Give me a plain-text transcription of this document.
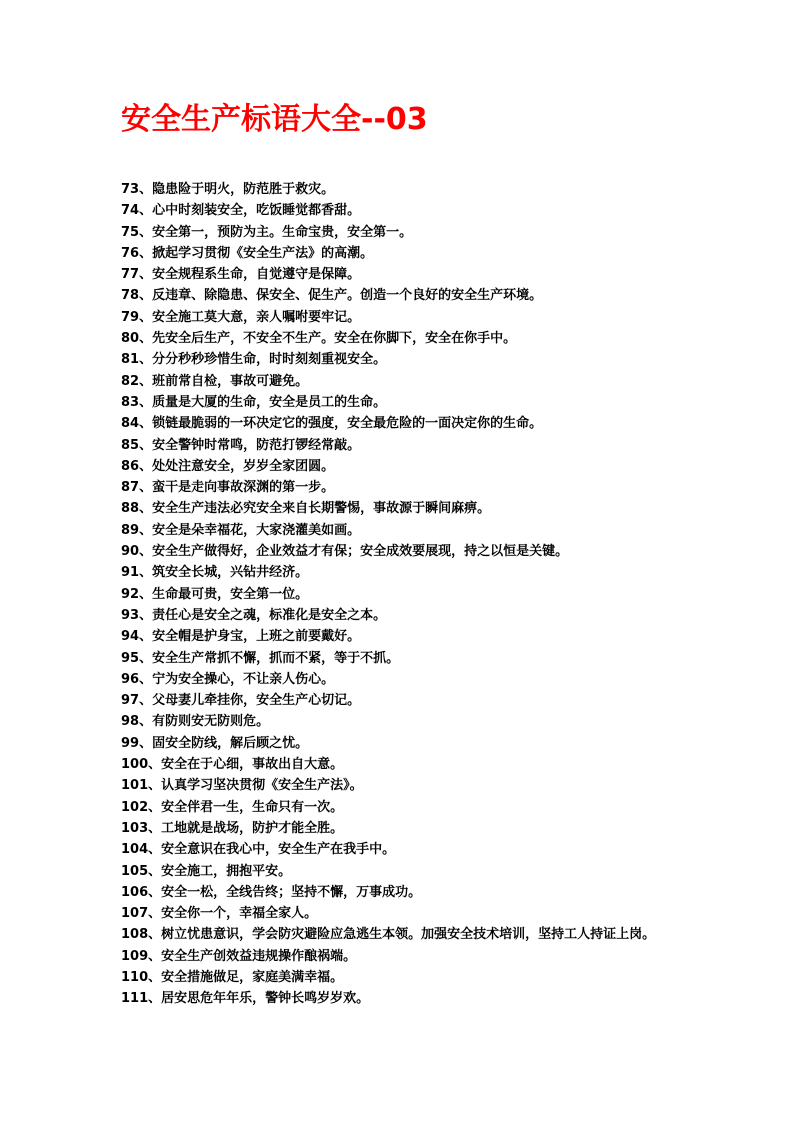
安全生产标语大全--03
73、隐患险于明火，防范胜于救灾。
74、心中时刻装安全，吃饭睡觉都香甜。
75、安全第一，预防为主。生命宝贵，安全第一。
76、掀起学习贯彻《安全生产法》的高潮。
77、安全规程系生命，自觉遵守是保障。
78、反违章、除隐患、保安全、促生产。创造一个良好的安全生产环境。
79、安全施工莫大意，亲人嘱咐要牢记。
80、先安全后生产，不安全不生产。安全在你脚下，安全在你手中。
81、分分秒秒珍惜生命，时时刻刻重视安全。
82、班前常自检，事故可避免。
83、质量是大厦的生命，安全是员工的生命。
84、锁链最脆弱的一环决定它的强度，安全最危险的一面决定你的生命。
85、安全警钟时常鸣，防范打锣经常敲。
86、处处注意安全，岁岁全家团圆。
87、蛮干是走向事故深渊的第一步。
88、安全生产违法必究安全来自长期警惕，事故源于瞬间麻痹。
89、安全是朵幸福花，大家浇灌美如画。
90、安全生产做得好，企业效益才有保；安全成效要展现，持之以恒是关键。
91、筑安全长城，兴钻井经济。
92、生命最可贵，安全第一位。
93、责任心是安全之魂，标准化是安全之本。
94、安全帽是护身宝，上班之前要戴好。
95、安全生产常抓不懈，抓而不紧，等于不抓。
96、宁为安全操心，不让亲人伤心。
97、父母妻儿牵挂你，安全生产心切记。
98、有防则安无防则危。
99、固安全防线，解后顾之忧。
100、安全在于心细，事故出自大意。
101、认真学习坚决贯彻《安全生产法》。
102、安全伴君一生，生命只有一次。
103、工地就是战场，防护才能全胜。
104、安全意识在我心中，安全生产在我手中。
105、安全施工，拥抱平安。
106、安全一松，全线告终；坚持不懈，万事成功。
107、安全你一个，幸福全家人。
108、树立忧患意识，学会防灾避险应急逃生本领。加强安全技术培训，坚持工人持证上岗。
109、安全生产创效益违规操作酿祸端。
110、安全措施做足，家庭美满幸福。
111、居安思危年年乐，警钟长鸣岁岁欢。
